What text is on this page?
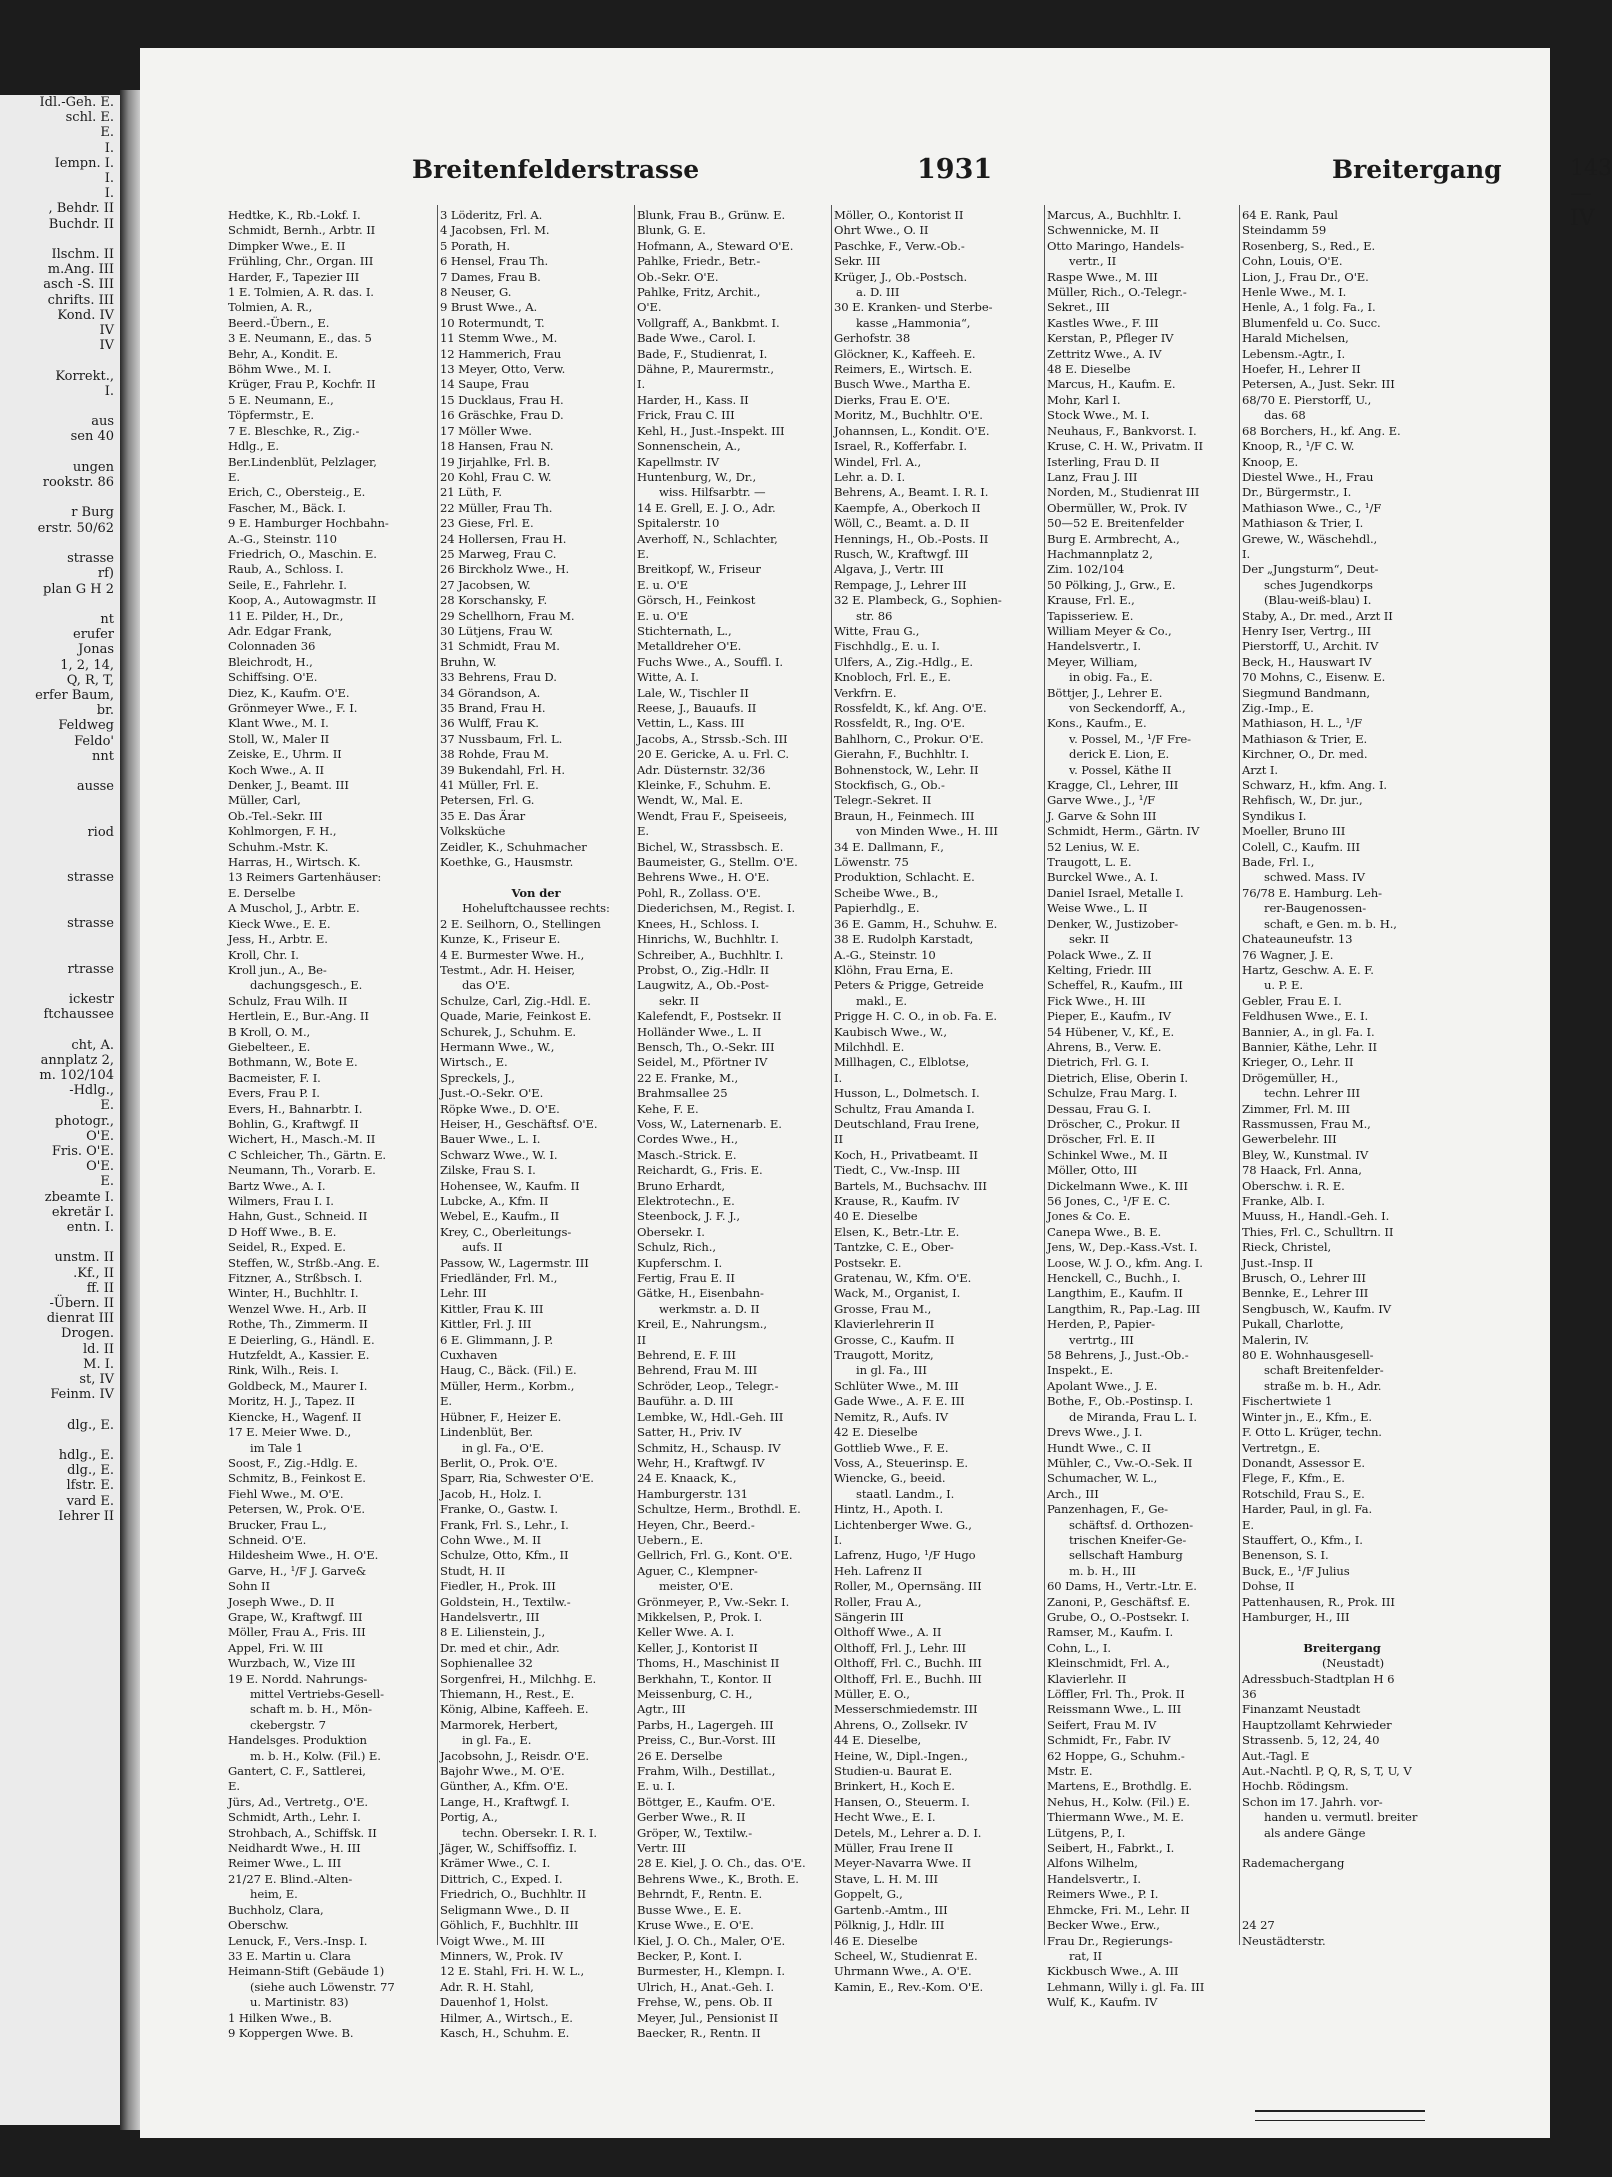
Idl.-Geh. E.
schl. E.
E.
I.
Iempn. I.
I.
I.
, Behdr. II
Buchdr. II

Ilschm. II
m.Ang. III
asch -S. III
chrifts. III
Kond. IV
IV
IV

Korrekt.,
I.

aus
sen 40

ungen
rookstr. 86

r Burg
erstr. 50/62

strasse
rf)
plan G H 2

nt
erufer
Jonas
1, 2, 14,
Q, R, T,
erfer Baum,
br.
Feldweg
Feldo'
nnt

ausse

riod

strasse

strasse

rtrasse

ickestr
ftchaussee

cht, A.
annplatz 2,
m. 102/104
-Hdlg.,
E.
photogr.,
O'E.
Fris. O'E.
O'E.
E.
zbeamte I.
ekretär I.
entn. I.

unstm. II
.Kf., II
ff. II
-Übern. II
dienrat III
Drogen.
ld. II
M. I.
st, IV
Feinm. IV

dlg., E.

hdlg., E.
dlg., E.
lfstr. E.
vard E.
Iehrer II
Breitenfelderstrasse	1931	Breitergang	143—IV
Hedtke, K., Rb.-Lokf. I.
Schmidt, Bernh., Arbtr. II
Dimpker Wwe., E. II
Frühling, Chr., Organ. III
Harder, F., Tapezier III
1 E. Tolmien, A. R. das. I.
Tolmien, A. R.,
Beerd.-Übern., E.
3 E. Neumann, E., das. 5
Behr, A., Kondit. E.
Böhm Wwe., M. I.
Krüger, Frau P., Kochfr. II
5 E. Neumann, E.,
Töpfermstr., E.
7 E. Bleschke, R., Zig.-
Hdlg., E.
Ber.Lindenblüt, Pelzlager,
E.
Erich, C., Obersteig., E.
Fascher, M., Bäck. I.
9 E. Hamburger Hochbahn-
A.-G., Steinstr. 110
Friedrich, O., Maschin. E.
Raub, A., Schloss. I.
Seile, E., Fahrlehr. I.
Koop, A., Autowagmstr. II
11 E. Pilder, H., Dr.,
Adr. Edgar Frank,
Colonnaden 36
Bleichrodt, H.,
Schiffsing. O'E.
Diez, K., Kaufm. O'E.
Grönmeyer Wwe., F. I.
Klant Wwe., M. I.
Stoll, W., Maler II
Zeiske, E., Uhrm. II
Koch Wwe., A. II
Denker, J., Beamt. III
Müller, Carl,
Ob.-Tel.-Sekr. III
Kohlmorgen, F. H.,
Schuhm.-Mstr. K.
Harras, H., Wirtsch. K.
13 Reimers Gartenhäuser:
E. Derselbe
A Muschol, J., Arbtr. E.
Kieck Wwe., E. E.
Jess, H., Arbtr. E.
Kroll, Chr. I.
Kroll jun., A., Be-
dachungsgesch., E.
Schulz, Frau Wilh. II
Hertlein, E., Bur.-Ang. II
B Kroll, O. M.,
Giebelteer., E.
Bothmann, W., Bote E.
Bacmeister, F. I.
Evers, Frau P. I.
Evers, H., Bahnarbtr. I.
Bohlin, G., Kraftwgf. II
Wichert, H., Masch.-M. II
C Schleicher, Th., Gärtn. E.
Neumann, Th., Vorarb. E.
Bartz Wwe., A. I.
Wilmers, Frau I. I.
Hahn, Gust., Schneid. II
D Hoff Wwe., B. E.
Seidel, R., Exped. E.
Steffen, W., Strßb.-Ang. E.
Fitzner, A., Strßbsch. I.
Winter, H., Buchhltr. I.
Wenzel Wwe. H., Arb. II
Rothe, Th., Zimmerm. II
E Deierling, G., Händl. E.
Hutzfeldt, A., Kassier. E.
Rink, Wilh., Reis. I.
Goldbeck, M., Maurer I.
Moritz, H. J., Tapez. II
Kiencke, H., Wagenf. II
17 E. Meier Wwe. D.,
im Tale 1
Soost, F., Zig.-Hdlg. E.
Schmitz, B., Feinkost E.
Fiehl Wwe., M. O'E.
Petersen, W., Prok. O'E.
Brucker, Frau L.,
Schneid. O'E.
Hildesheim Wwe., H. O'E.
Garve, H., ¹/F J. Garve&
Sohn II
Joseph Wwe., D. II
Grape, W., Kraftwgf. III
Möller, Frau A., Fris. III
Appel, Fri. W. III
Wurzbach, W., Vize III
19 E. Nordd. Nahrungs-
mittel Vertriebs-Gesell-
schaft m. b. H., Mön-
ckebergstr. 7
Handelsges. Produktion
m. b. H., Kolw. (Fil.) E.
Gantert, C. F., Sattlerei,
E.
Jürs, Ad., Vertretg., O'E.
Schmidt, Arth., Lehr. I.
Strohbach, A., Schiffsk. II
Neidhardt Wwe., H. III
Reimer Wwe., L. III
21/27 E. Blind.-Alten-
heim, E.
Buchholz, Clara,
Oberschw.
Lenuck, F., Vers.-Insp. I.
33 E. Martin u. Clara
Heimann-Stift (Gebäude 1)
(siehe auch Löwenstr. 77
u. Martinistr. 83)
1 Hilken Wwe., B.
9 Koppergen Wwe. B.
3 Löderitz, Frl. A.
4 Jacobsen, Frl. M.
5 Porath, H.
6 Hensel, Frau Th.
7 Dames, Frau B.
8 Neuser, G.
9 Brust Wwe., A.
10 Rotermundt, T.
11 Stemm Wwe., M.
12 Hammerich, Frau
13 Meyer, Otto, Verw.
14 Saupe, Frau
15 Ducklaus, Frau H.
16 Gräschke, Frau D.
17 Möller Wwe.
18 Hansen, Frau N.
19 Jirjahlke, Frl. B.
20 Kohl, Frau C. W.
21 Lüth, F.
22 Müller, Frau Th.
23 Giese, Frl. E.
24 Hollersen, Frau H.
25 Marweg, Frau C.
26 Birckholz Wwe., H.
27 Jacobsen, W.
28 Korschansky, F.
29 Schellhorn, Frau M.
30 Lütjens, Frau W.
31 Schmidt, Frau M.
Bruhn, W.
33 Behrens, Frau D.
34 Görandson, A.
35 Brand, Frau H.
36 Wulff, Frau K.
37 Nussbaum, Frl. L.
38 Rohde, Frau M.
39 Bukendahl, Frl. H.
41 Müller, Frl. E.
Petersen, Frl. G.
35 E. Das Ärar
Volksküche
Zeidler, K., Schuhmacher
Koethke, G., Hausmstr.

Von der
Hoheluftchaussee rechts:
2 E. Seilhorn, O., Stellingen
Kunze, K., Friseur E.
4 E. Burmester Wwe. H.,
Testmt., Adr. H. Heiser,
das O'E.
Schulze, Carl, Zig.-Hdl. E.
Quade, Marie, Feinkost E.
Schurek, J., Schuhm. E.
Hermann Wwe., W.,
Wirtsch., E.
Spreckels, J.,
Just.-O.-Sekr. O'E.
Röpke Wwe., D. O'E.
Heiser, H., Geschäftsf. O'E.
Bauer Wwe., L. I.
Schwarz Wwe., W. I.
Zilske, Frau S. I.
Hohensee, W., Kaufm. II
Lubcke, A., Kfm. II
Webel, E., Kaufm., II
Krey, C., Oberleitungs-
aufs. II
Passow, W., Lagermstr. III
Friedländer, Frl. M.,
Lehr. III
Kittler, Frau K. III
Kittler, Frl. J. III
6 E. Glimmann, J. P.
Cuxhaven
Haug, C., Bäck. (Fil.) E.
Müller, Herm., Korbm.,
E.
Hübner, F., Heizer E.
Lindenblüt, Ber.
in gl. Fa., O'E.
Berlit, O., Prok. O'E.
Sparr, Ria, Schwester O'E.
Jacob, H., Holz. I.
Franke, O., Gastw. I.
Frank, Frl. S., Lehr., I.
Cohn Wwe., M. II
Schulze, Otto, Kfm., II
Studt, H. II
Fiedler, H., Prok. III
Goldstein, H., Textilw.-
Handelsvertr., III
8 E. Lilienstein, J.,
Dr. med et chir., Adr.
Sophienallee 32
Sorgenfrei, H., Milchhg. E.
Thiemann, H., Rest., E.
König, Albine, Kaffeeh. E.
Marmorek, Herbert,
in gl. Fa., E.
Jacobsohn, J., Reisdr. O'E.
Bajohr Wwe., M. O'E.
Günther, A., Kfm. O'E.
Lange, H., Kraftwgf. I.
Portig, A.,
techn. Obersekr. I. R. I.
Jäger, W., Schiffsoffiz. I.
Krämer Wwe., C. I.
Dittrich, C., Exped. I.
Friedrich, O., Buchhltr. II
Seligmann Wwe., D. II
Göhlich, F., Buchhltr. III
Voigt Wwe., M. III
Minners, W., Prok. IV
12 E. Stahl, Fri. H. W. L.,
Adr. R. H. Stahl,
Dauenhof 1, Holst.
Hilmer, A., Wirtsch., E.
Kasch, H., Schuhm. E.
Blunk, Frau B., Grünw. E.
Blunk, G. E.
Hofmann, A., Steward O'E.
Pahlke, Friedr., Betr.-
Ob.-Sekr. O'E.
Pahlke, Fritz, Archit.,
O'E.
Vollgraff, A., Bankbmt. I.
Bade Wwe., Carol. I.
Bade, F., Studienrat, I.
Dähne, P., Maurermstr.,
I.
Harder, H., Kass. II
Frick, Frau C. III
Kehl, H., Just.-Inspekt. III
Sonnenschein, A.,
Kapellmstr. IV
Huntenburg, W., Dr.,
wiss. Hilfsarbtr. —
14 E. Grell, E. J. O., Adr.
Spitalerstr. 10
Averhoff, N., Schlachter,
E.
Breitkopf, W., Friseur
E. u. O'E
Görsch, H., Feinkost
E. u. O'E
Stichternath, L.,
Metalldreher O'E.
Fuchs Wwe., A., Souffl. I.
Witte, A. I.
Lale, W., Tischler II
Reese, J., Bauaufs. II
Vettin, L., Kass. III
Jacobs, A., Strssb.-Sch. III
20 E. Gericke, A. u. Frl. C.
Adr. Düsternstr. 32/36
Kleinke, F., Schuhm. E.
Wendt, W., Mal. E.
Wendt, Frau F., Speiseeis,
E.
Bichel, W., Strassbsch. E.
Baumeister, G., Stellm. O'E.
Behrens Wwe., H. O'E.
Pohl, R., Zollass. O'E.
Diederichsen, M., Regist. I.
Knees, H., Schloss. I.
Hinrichs, W., Buchhltr. I.
Schreiber, A., Buchhltr. I.
Probst, O., Zig.-Hdlr. II
Laugwitz, A., Ob.-Post-
sekr. II
Kalefendt, F., Postsekr. II
Holländer Wwe., L. II
Bensch, Th., O.-Sekr. III
Seidel, M., Pförtner IV
22 E. Franke, M.,
Brahmsallee 25
Kehe, F. E.
Voss, W., Laternenarb. E.
Cordes Wwe., H.,
Masch.-Strick. E.
Reichardt, G., Fris. E.
Bruno Erhardt,
Elektrotechn., E.
Steenbock, J. F. J.,
Obersekr. I.
Schulz, Rich.,
Kupferschm. I.
Fertig, Frau E. II
Gätke, H., Eisenbahn-
werkmstr. a. D. II
Kreil, E., Nahrungsm.,
II
Behrend, E. F. III
Behrend, Frau M. III
Schröder, Leop., Telegr.-
Bauführ. a. D. III
Lembke, W., Hdl.-Geh. III
Satter, H., Priv. IV
Schmitz, H., Schausp. IV
Wehr, H., Kraftwgf. IV
24 E. Knaack, K.,
Hamburgerstr. 131
Schultze, Herm., Brothdl. E.
Heyen, Chr., Beerd.-
Uebern., E.
Gellrich, Frl. G., Kont. O'E.
Aguer, C., Klempner-
meister, O'E.
Grönmeyer, P., Vw.-Sekr. I.
Mikkelsen, P., Prok. I.
Keller Wwe. A. I.
Keller, J., Kontorist II
Thoms, H., Maschinist II
Berkhahn, T., Kontor. II
Meissenburg, C. H.,
Agtr., III
Parbs, H., Lagergeh. III
Preiss, C., Bur.-Vorst. III
26 E. Derselbe
Frahm, Wilh., Destillat.,
E. u. I.
Böttger, E., Kaufm. O'E.
Gerber Wwe., R. II
Gröper, W., Textilw.-
Vertr. III
28 E. Kiel, J. O. Ch., das. O'E.
Behrens Wwe., K., Broth. E.
Behrndt, F., Rentn. E.
Busse Wwe., E. E.
Kruse Wwe., E. O'E.
Kiel, J. O. Ch., Maler, O'E.
Becker, P., Kont. I.
Burmester, H., Klempn. I.
Ulrich, H., Anat.-Geh. I.
Frehse, W., pens. Ob. II
Meyer, Jul., Pensionist II
Baecker, R., Rentn. II
Möller, O., Kontorist II
Ohrt Wwe., O. II
Paschke, F., Verw.-Ob.-
Sekr. III
Krüger, J., Ob.-Postsch.
a. D. III
30 E. Kranken- und Sterbe-
kasse „Hammonia“,
Gerhofstr. 38
Glöckner, K., Kaffeeh. E.
Reimers, E., Wirtsch. E.
Busch Wwe., Martha E.
Dierks, Frau E. O'E.
Moritz, M., Buchhltr. O'E.
Johannsen, L., Kondit. O'E.
Israel, R., Kofferfabr. I.
Windel, Frl. A.,
Lehr. a. D. I.
Behrens, A., Beamt. I. R. I.
Kaempfe, A., Oberkoch II
Wöll, C., Beamt. a. D. II
Hennings, H., Ob.-Posts. II
Rusch, W., Kraftwgf. III
Algava, J., Vertr. III
Rempage, J., Lehrer III
32 E. Plambeck, G., Sophien-
str. 86
Witte, Frau G.,
Fischhdlg., E. u. I.
Ulfers, A., Zig.-Hdlg., E.
Knobloch, Frl. E., E.
Verkfrn. E.
Rossfeldt, K., kf. Ang. O'E.
Rossfeldt, R., Ing. O'E.
Bahlhorn, C., Prokur. O'E.
Gierahn, F., Buchhltr. I.
Bohnenstock, W., Lehr. II
Stockfisch, G., Ob.-
Telegr.-Sekret. II
Braun, H., Feinmech. III
von Minden Wwe., H. III
34 E. Dallmann, F.,
Löwenstr. 75
Produktion, Schlacht. E.
Scheibe Wwe., B.,
Papierhdlg., E.
36 E. Gamm, H., Schuhw. E.
38 E. Rudolph Karstadt,
A.-G., Steinstr. 10
Klöhn, Frau Erna, E.
Peters & Prigge, Getreide
makl., E.
Prigge H. C. O., in ob. Fa. E.
Kaubisch Wwe., W.,
Milchhdl. E.
Millhagen, C., Elblotse,
I.
Husson, L., Dolmetsch. I.
Schultz, Frau Amanda I.
Deutschland, Frau Irene,
II
Koch, H., Privatbeamt. II
Tiedt, C., Vw.-Insp. III
Bartels, M., Buchsachv. III
Krause, R., Kaufm. IV
40 E. Dieselbe
Elsen, K., Betr.-Ltr. E.
Tantzke, C. E., Ober-
Postsekr. E.
Gratenau, W., Kfm. O'E.
Wack, M., Organist, I.
Grosse, Frau M.,
Klavierlehrerin II
Grosse, C., Kaufm. II
Traugott, Moritz,
in gl. Fa., III
Schlüter Wwe., M. III
Gade Wwe., A. F. E. III
Nemitz, R., Aufs. IV
42 E. Dieselbe
Gottlieb Wwe., F. E.
Voss, A., Steuerinsp. E.
Wiencke, G., beeid.
staatl. Landm., I.
Hintz, H., Apoth. I.
Lichtenberger Wwe. G.,
I.
Lafrenz, Hugo, ¹/F Hugo
Heh. Lafrenz II
Roller, M., Opernsäng. III
Roller, Frau A.,
Sängerin III
Olthoff Wwe., A. II
Olthoff, Frl. J., Lehr. III
Olthoff, Frl. C., Buchh. III
Olthoff, Frl. E., Buchh. III
Müller, E. O.,
Messerschmiedemstr. III
Ahrens, O., Zollsekr. IV
44 E. Dieselbe,
Heine, W., Dipl.-Ingen.,
Studien-u. Baurat E.
Brinkert, H., Koch E.
Hansen, O., Steuerm. I.
Hecht Wwe., E. I.
Detels, M., Lehrer a. D. I.
Müller, Frau Irene II
Meyer-Navarra Wwe. II
Stave, L. H. M. III
Goppelt, G.,
Gartenb.-Amtm., III
Pölknig, J., Hdlr. III
46 E. Dieselbe
Scheel, W., Studienrat E.
Uhrmann Wwe., A. O'E.
Kamin, E., Rev.-Kom. O'E.
Marcus, A., Buchhltr. I.
Schwennicke, M. II
Otto Maringo, Handels-
vertr., II
Raspe Wwe., M. III
Müller, Rich., O.-Telegr.-
Sekret., III
Kastles Wwe., F. III
Kerstan, P., Pfleger IV
Zettritz Wwe., A. IV
48 E. Dieselbe
Marcus, H., Kaufm. E.
Mohr, Karl I.
Stock Wwe., M. I.
Neuhaus, F., Bankvorst. I.
Kruse, C. H. W., Privatm. II
Isterling, Frau D. II
Lanz, Frau J. III
Norden, M., Studienrat III
Obermüller, W., Prok. IV
50—52 E. Breitenfelder
Burg E. Armbrecht, A.,
Hachmannplatz 2,
Zim. 102/104
50 Pölking, J., Grw., E.
Krause, Frl. E.,
Tapisseriew. E.
William Meyer & Co.,
Handelsvertr., I.
Meyer, William,
in obig. Fa., E.
Böttjer, J., Lehrer E.
von Seckendorff, A.,
Kons., Kaufm., E.
v. Possel, M., ¹/F Fre-
derick E. Lion, E.
v. Possel, Käthe II
Kragge, Cl., Lehrer, III
Garve Wwe., J., ¹/F
J. Garve & Sohn III
Schmidt, Herm., Gärtn. IV
52 Lenius, W. E.
Traugott, L. E.
Burckel Wwe., A. I.
Daniel Israel, Metalle I.
Weise Wwe., L. II
Denker, W., Justizober-
sekr. II
Polack Wwe., Z. II
Kelting, Friedr. III
Scheffel, R., Kaufm., III
Fick Wwe., H. III
Pieper, E., Kaufm., IV
54 Hübener, V., Kf., E.
Ahrens, B., Verw. E.
Dietrich, Frl. G. I.
Dietrich, Elise, Oberin I.
Schulze, Frau Marg. I.
Dessau, Frau G. I.
Dröscher, C., Prokur. II
Dröscher, Frl. E. II
Schinkel Wwe., M. II
Möller, Otto, III
Dickelmann Wwe., K. III
56 Jones, C., ¹/F E. C.
Jones & Co. E.
Canepa Wwe., B. E.
Jens, W., Dep.-Kass.-Vst. I.
Loose, W. J. O., kfm. Ang. I.
Henckell, C., Buchh., I.
Langthim, E., Kaufm. II
Langthim, R., Pap.-Lag. III
Herden, P., Papier-
vertrtg., III
58 Behrens, J., Just.-Ob.-
Inspekt., E.
Apolant Wwe., J. E.
Bothe, F., Ob.-Postinsp. I.
de Miranda, Frau L. I.
Drevs Wwe., J. I.
Hundt Wwe., C. II
Mühler, C., Vw.-O.-Sek. II
Schumacher, W. L.,
Arch., III
Panzenhagen, F., Ge-
schäftsf. d. Orthozen-
trischen Kneifer-Ge-
sellschaft Hamburg
m. b. H., III
60 Dams, H., Vertr.-Ltr. E.
Zanoni, P., Geschäftsf. E.
Grube, O., O.-Postsekr. I.
Ramser, M., Kaufm. I.
Cohn, L., I.
Kleinschmidt, Frl. A.,
Klavierlehr. II
Löffler, Frl. Th., Prok. II
Reissmann Wwe., L. III
Seifert, Frau M. IV
Schmidt, Fr., Fabr. IV
62 Hoppe, G., Schuhm.-
Mstr. E.
Martens, E., Brothdlg. E.
Nehus, H., Kolw. (Fil.) E.
Thiermann Wwe., M. E.
Lütgens, P., I.
Seibert, H., Fabrkt., I.
Alfons Wilhelm,
Handelsvertr., I.
Reimers Wwe., P. I.
Ehmcke, Fri. M., Lehr. II
Becker Wwe., Erw.,
Frau Dr., Regierungs-
rat, II
Kickbusch Wwe., A. III
Lehmann, Willy i. gl. Fa. III
Wulf, K., Kaufm. IV
64 E. Rank, Paul
Steindamm 59
Rosenberg, S., Red., E.
Cohn, Louis, O'E.
Lion, J., Frau Dr., O'E.
Henle Wwe., M. I.
Henle, A., 1 folg. Fa., I.
Blumenfeld u. Co. Succ.
Harald Michelsen,
Lebensm.-Agtr., I.
Hoefer, H., Lehrer II
Petersen, A., Just. Sekr. III
68/70 E. Pierstorff, U.,
das. 68
68 Borchers, H., kf. Ang. E.
Knoop, R., ¹/F C. W.
Knoop, E.
Diestel Wwe., H., Frau
Dr., Bürgermstr., I.
Mathiason Wwe., C., ¹/F
Mathiason & Trier, I.
Grewe, W., Wäschehdl.,
I.
Der „Jungsturm“, Deut-
sches Jugendkorps
(Blau-weiß-blau) I.
Staby, A., Dr. med., Arzt II
Henry Iser, Vertrg., III
Pierstorff, U., Archit. IV
Beck, H., Hauswart IV
70 Mohns, C., Eisenw. E.
Siegmund Bandmann,
Zig.-Imp., E.
Mathiason, H. L., ¹/F
Mathiason & Trier, E.
Kirchner, O., Dr. med.
Arzt I.
Schwarz, H., kfm. Ang. I.
Rehfisch, W., Dr. jur.,
Syndikus I.
Moeller, Bruno III
Colell, C., Kaufm. III
Bade, Frl. I.,
schwed. Mass. IV
76/78 E. Hamburg. Leh-
rer-Baugenossen-
schaft, e Gen. m. b. H.,
Chateauneufstr. 13
76 Wagner, J. E.
Hartz, Geschw. A. E. F.
u. P. E.
Gebler, Frau E. I.
Feldhusen Wwe., E. I.
Bannier, A., in gl. Fa. I.
Bannier, Käthe, Lehr. II
Krieger, O., Lehr. II
Drögemüller, H.,
techn. Lehrer III
Zimmer, Frl. M. III
Rassmussen, Frau M.,
Gewerbelehr. III
Bley, W., Kunstmal. IV
78 Haack, Frl. Anna,
Oberschw. i. R. E.
Franke, Alb. I.
Muuss, H., Handl.-Geh. I.
Thies, Frl. C., Schulltrn. II
Rieck, Christel,
Just.-Insp. II
Brusch, O., Lehrer III
Bennke, E., Lehrer III
Sengbusch, W., Kaufm. IV
Pukall, Charlotte,
Malerin, IV.
80 E. Wohnhausgesell-
schaft Breitenfelder-
straße m. b. H., Adr.
Fischertwiete 1
Winter jn., E., Kfm., E.
F. Otto L. Krüger, techn.
Vertretgn., E.
Donandt, Assessor E.
Flege, F., Kfm., E.
Rotschild, Frau S., E.
Harder, Paul, in gl. Fa.
E.
Stauffert, O., Kfm., I.
Benenson, S. I.
Buck, E., ¹/F Julius
Dohse, II
Pattenhausen, R., Prok. III
Hamburger, H., III

Breitergang
(Neustadt)
Adressbuch-Stadtplan H 6
36
Finanzamt Neustadt
Hauptzollamt Kehrwieder
Strassenb. 5, 12, 24, 40
Aut.-Tagl. E
Aut.-Nachtl. P, Q, R, S, T, U, V
Hochb. Rödingsm.
Schon im 17. Jahrh. vor-
handen u. vermutl. breiter
als andere Gänge

Rademachergang

24 27
Neustädterstr.
